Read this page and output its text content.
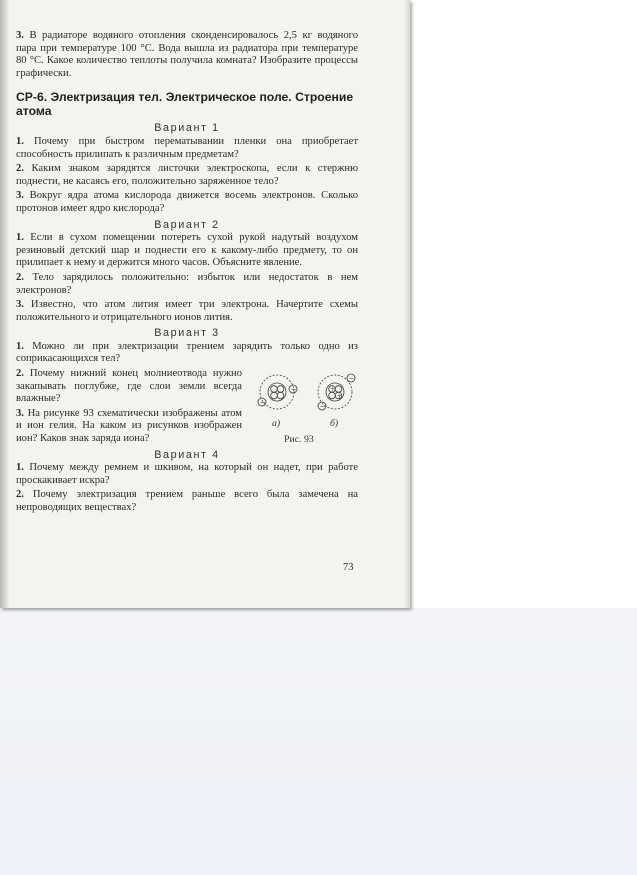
3. В радиаторе водяного отопления сконденсировалось 2,5 кг водяного пара при температуре 100 °С. Вода вышла из радиатора при температуре 80 °С. Какое количество теплоты получила комната? Изобразите процессы графически.

СР-6. Электризация тел. Электрическое поле. Строение атома
Вариант 1

1. Почему при быстром перематывании пленки она приобретает способность прилипать к различным предметам?

2. Каким знаком зарядятся листочки электроскопа, если к стержню поднести, не касаясь его, положительно заряженное тело?

3. Вокруг ядра атома кислорода движется восемь электронов. Сколько протонов имеет ядро кислорода?

Вариант 2

1. Если в сухом помещении потереть сухой рукой надутый воздухом резиновый детский шар и поднести его к какому-либо предмету, то он прилипает к нему и держится много часов. Объясните явление.

2. Тело зарядилось положительно: избыток или недостаток в нем электронов?

3. Известно, что атом лития имеет три электрона. Начертите схемы положительного и отрицательного ионов лития.

Вариант 3

1. Можно ли при электризации трением зарядить только одно из соприкасающихся тел?

2. Почему нижний конец молниеотвода нужно закапывать поглубже, где слои земли всегда влажные?

3. На рисунке 93 схематически изображены атом и ион гелия. На каком из рисунков изображен ион? Каков знак заряда иона?

−
−
+
+
−
−
а)	б)
Рис. 93
Вариант 4

1. Почему между ремнем и шкивом, на который он надет, при работе проскакивает искра?

2. Почему электризация трением раньше всего была замечена на непроводящих веществах?

73
